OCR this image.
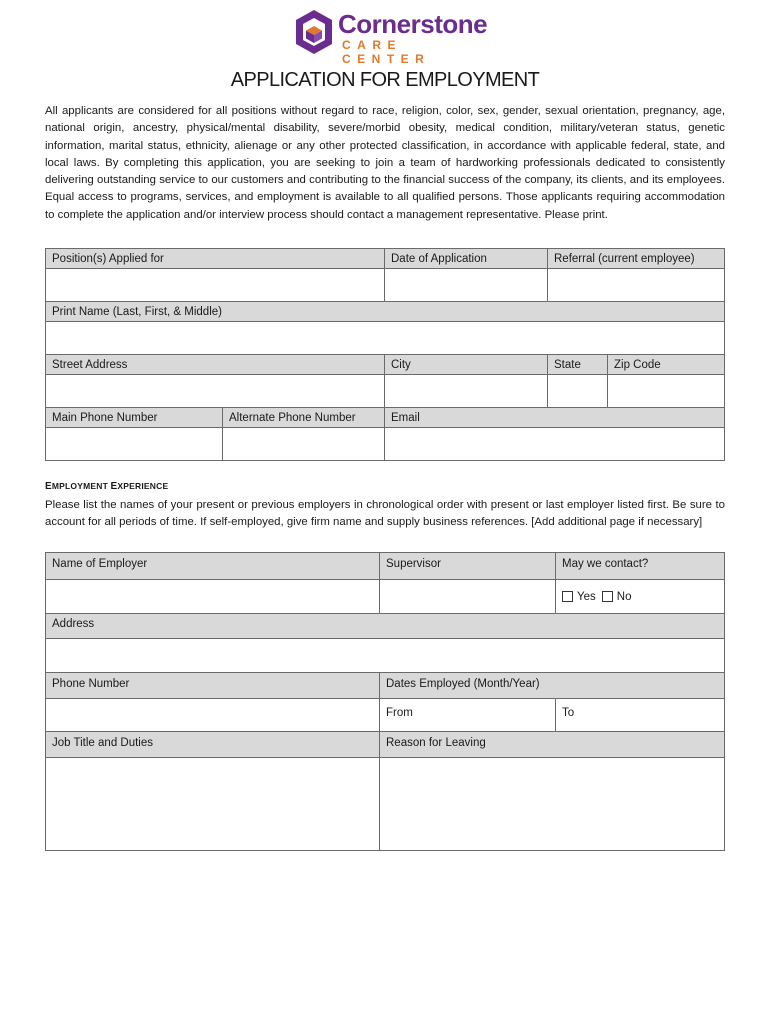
Cornerstone
CARE CENTER
APPLICATION FOR EMPLOYMENT

All applicants are considered for all positions without regard to race, religion, color, sex, gender, sexual orientation, pregnancy, age, national origin, ancestry, physical/mental disability, severe/morbid obesity, medical condition, military/veteran status, genetic information, marital status, ethnicity, alienage or any other protected classification, in accordance with applicable federal, state, and local laws. By completing this application, you are seeking to join a team of hardworking professionals dedicated to consistently delivering outstanding service to our customers and contributing to the financial success of the company, its clients, and its employees. Equal access to programs, services, and employment is available to all qualified persons. Those applicants requiring accommodation to complete the application and/or interview process should contact a management representative. Please print.

Position(s) Applied for	Date of Application	Referral (current employee)
Print Name (Last, First, & Middle)
Street Address	City	State	Zip Code
Main Phone Number	Alternate Phone Number	Email
EMPLOYMENT EXPERIENCE

Please list the names of your present or previous employers in chronological order with present or last employer listed first. Be sure to account for all periods of time. If self-employed, give firm name and supply business references. [Add additional page if necessary]

Name of Employer	Supervisor	May we contact?
Yes No
Address
Phone Number	Dates Employed (Month/Year)
From	To
Job Title and Duties	Reason for Leaving
